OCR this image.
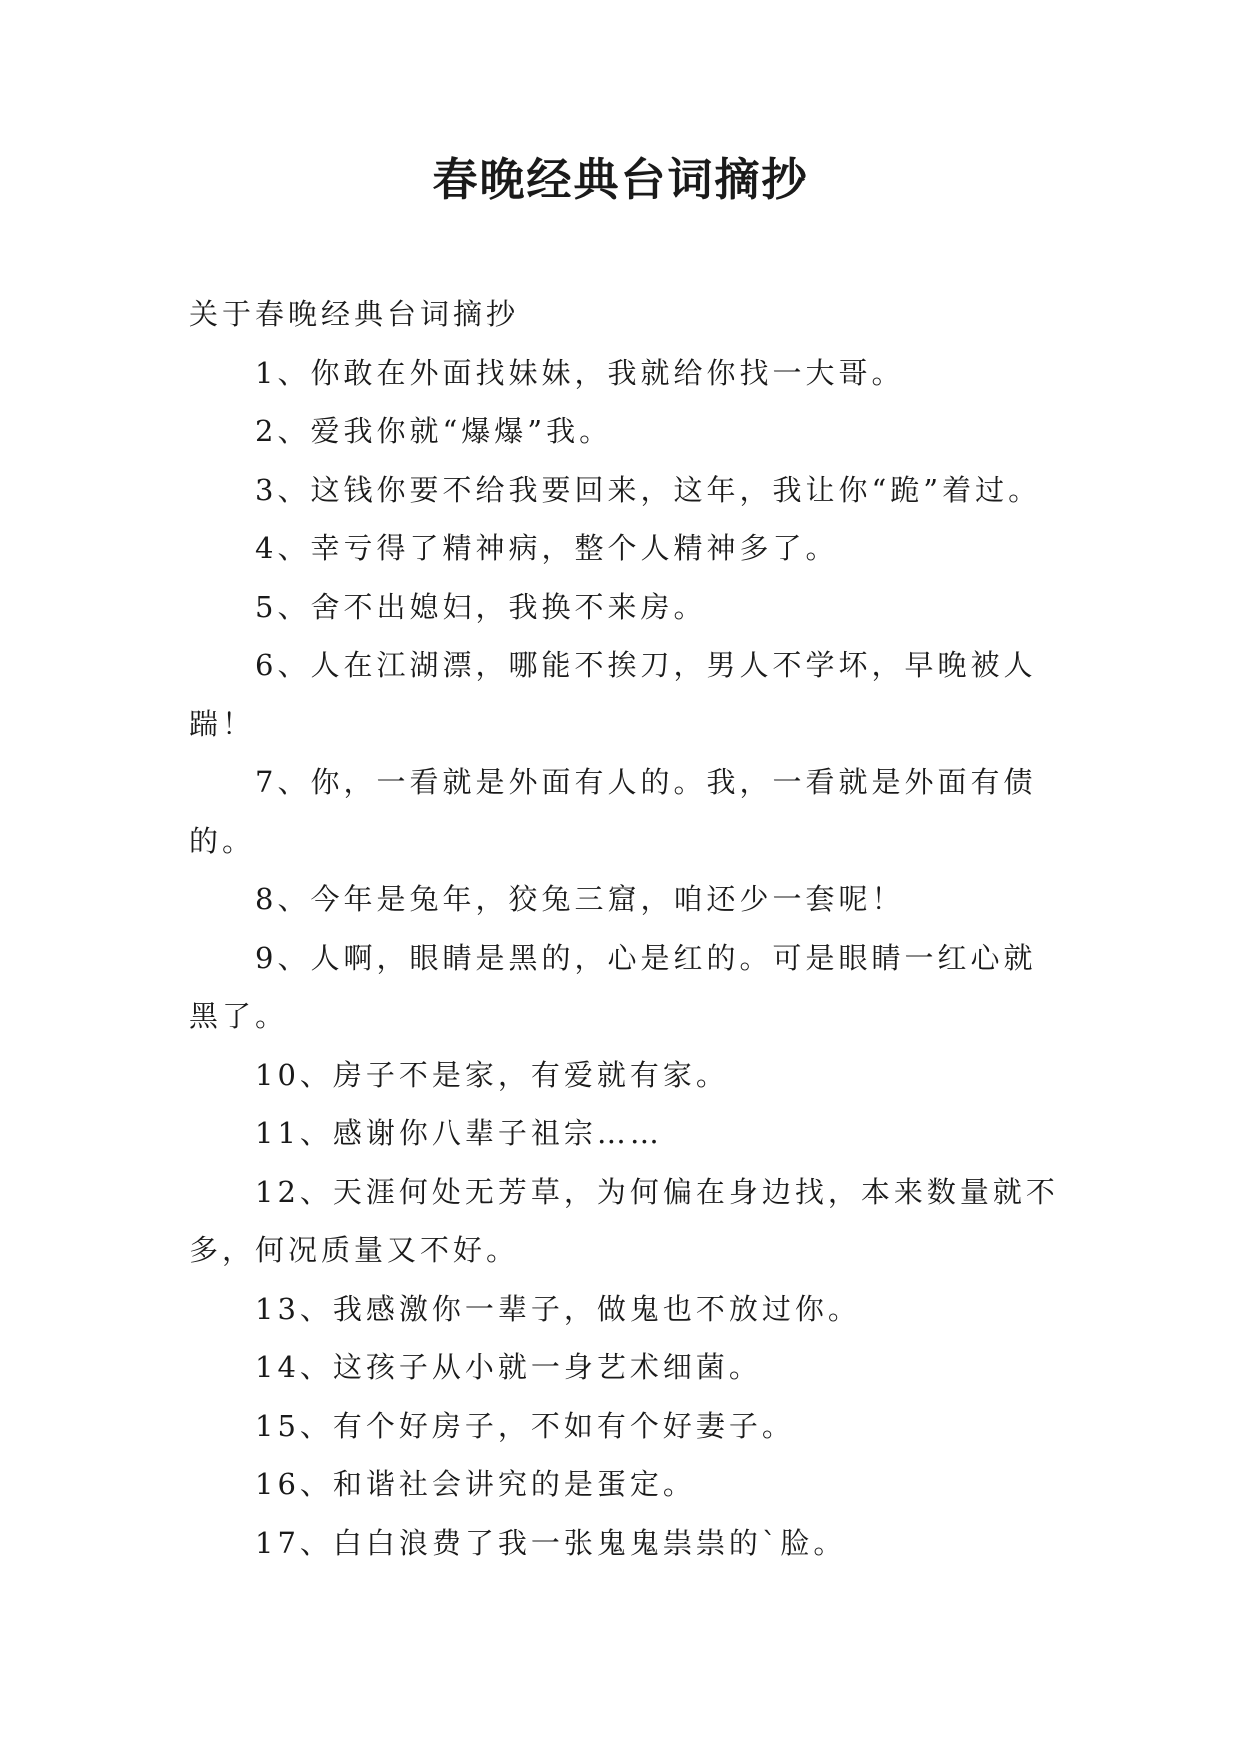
春晚经典台词摘抄

关于春晚经典台词摘抄

1、你敢在外面找妹妹，我就给你找一大哥。

2、爱我你就“爆爆”我。

3、这钱你要不给我要回来，这年，我让你“跪”着过。

4、幸亏得了精神病，整个人精神多了。

5、舍不出媳妇，我换不来房。

6、人在江湖漂，哪能不挨刀，男人不学坏，早晚被人踹！

7、你，一看就是外面有人的。我，一看就是外面有债的。

8、今年是兔年，狡兔三窟，咱还少一套呢！

9、人啊，眼睛是黑的，心是红的。可是眼睛一红心就黑了。

10、房子不是家，有爱就有家。

11、感谢你八辈子祖宗……

12、天涯何处无芳草，为何偏在身边找，本来数量就不多，何况质量又不好。

13、我感激你一辈子，做鬼也不放过你。

14、这孩子从小就一身艺术细菌。

15、有个好房子，不如有个好妻子。

16、和谐社会讲究的是蛋定。

17、白白浪费了我一张鬼鬼祟祟的`脸。
